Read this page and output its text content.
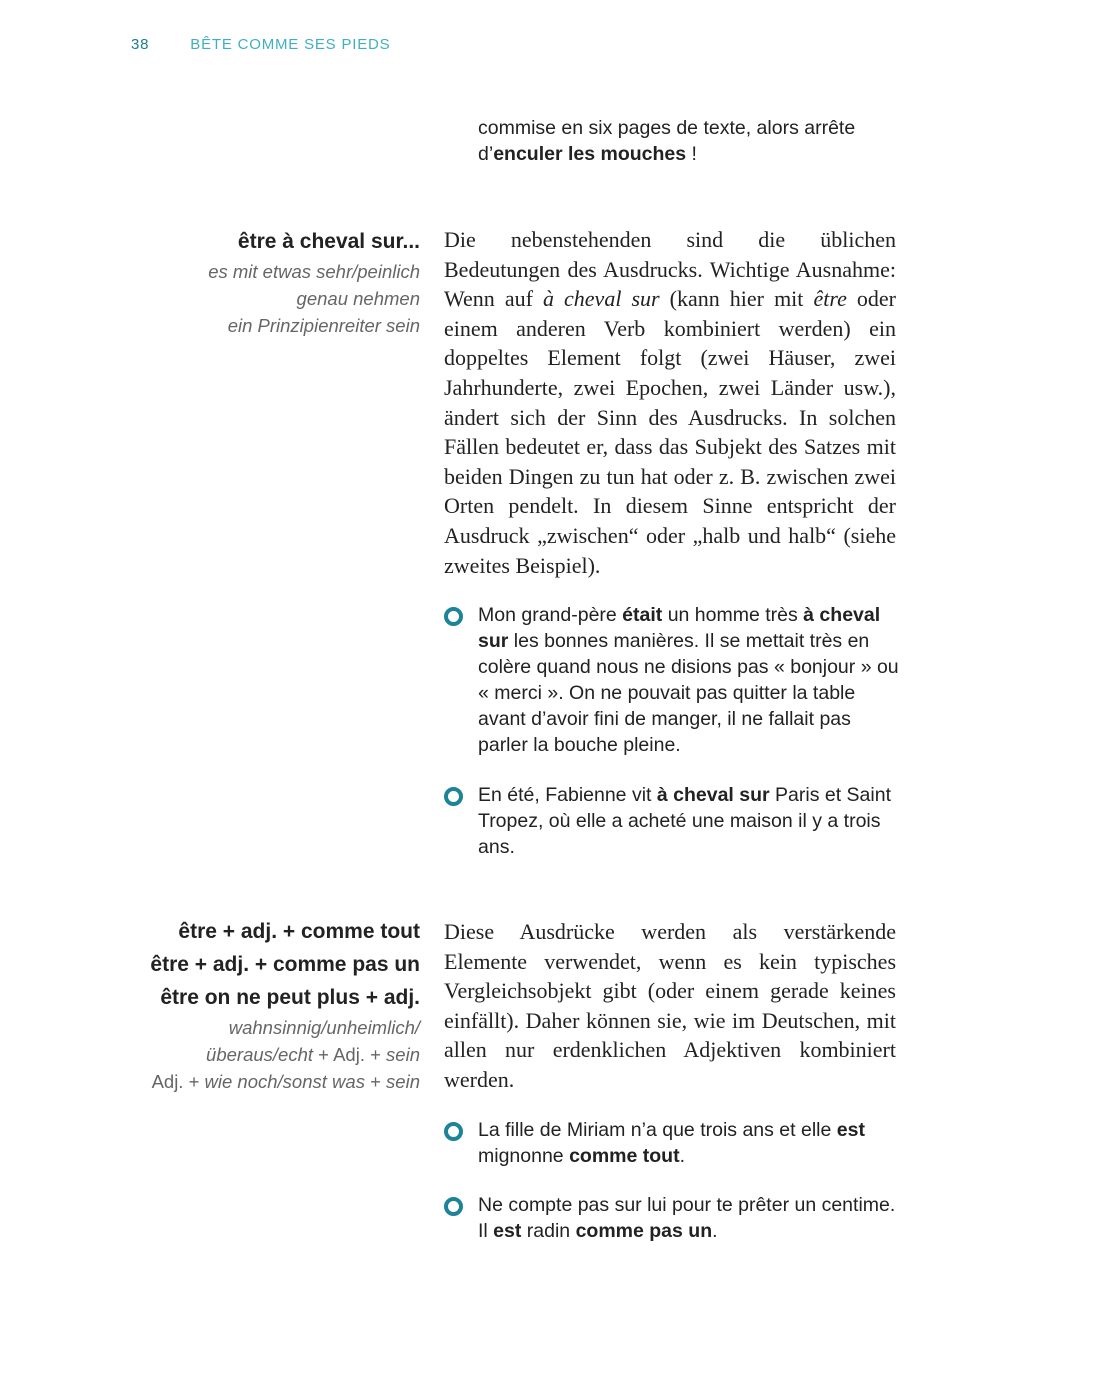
38	BÊTE COMME SES PIEDS
commise en six pages de texte, alors arrête d’enculer les mouches !
être à cheval sur...
es mit etwas sehr/peinlich
genau nehmen
ein Prinzipienreiter sein
Die nebenstehenden sind die üblichen Bedeutungen des Ausdrucks. Wichtige Ausnahme: Wenn auf à cheval sur (kann hier mit être oder einem anderen Verb kombiniert werden) ein doppeltes Element folgt (zwei Häuser, zwei Jahrhunderte, zwei Epochen, zwei Länder usw.), ändert sich der Sinn des Ausdrucks. In solchen Fällen bedeutet er, dass das Subjekt des Satzes mit beiden Dingen zu tun hat oder z. B. zwischen zwei Orten pendelt. In diesem Sinne entspricht der Ausdruck „zwischen“ oder „halb und halb“ (siehe zweites Beispiel).
Mon grand-père était un homme très à cheval sur les bonnes manières. Il se mettait très en colère quand nous ne disions pas « bonjour » ou « merci ». On ne pouvait pas quitter la table avant d’avoir fini de manger, il ne fallait pas parler la bouche pleine.
En été, Fabienne vit à cheval sur Paris et Saint Tropez, où elle a acheté une maison il y a trois ans.
être + adj. + comme tout
être + adj. + comme pas un
être on ne peut plus + adj.
wahnsinnig/unheimlich/
überaus/echt + Adj. + sein
Adj. + wie noch/sonst was + sein
Diese Ausdrücke werden als verstärkende Elemente verwendet, wenn es kein typisches Vergleichsobjekt gibt (oder einem gerade keines einfällt). Daher können sie, wie im Deutschen, mit allen nur erdenklichen Adjektiven kombiniert werden.
La fille de Miriam n’a que trois ans et elle est mignonne comme tout.
Ne compte pas sur lui pour te prêter un centime. Il est radin comme pas un.
